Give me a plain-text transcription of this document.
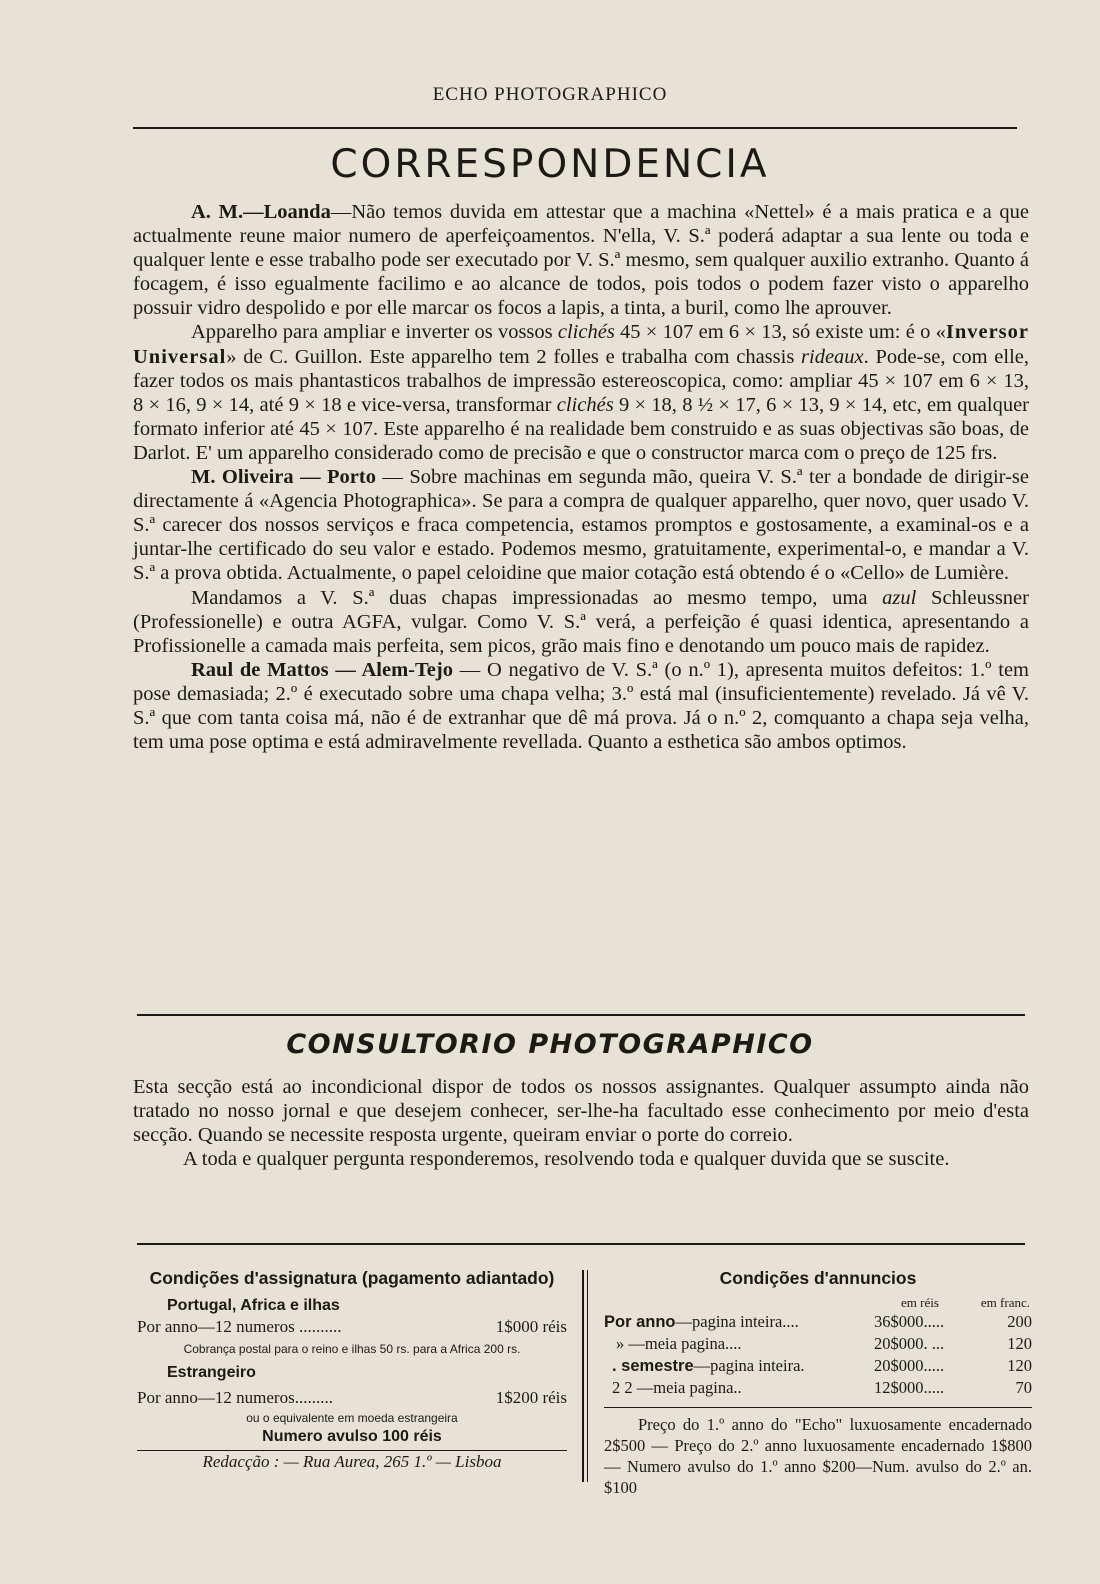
ECHO PHOTOGRAPHICO
CORRESPONDENCIA

A. M.—Loanda—Não temos duvida em attestar que a machina «Nettel» é a mais pratica e a que actualmente reune maior numero de aperfeiçoamentos. N'ella, V. S.ª poderá adaptar a sua lente ou toda e qualquer lente e esse trabalho pode ser executado por V. S.ª mesmo, sem qualquer auxilio extranho. Quanto á focagem, é isso egualmente facilimo e ao alcance de todos, pois todos o podem fazer visto o apparelho possuir vidro despolido e por elle marcar os focos a lapis, a tinta, a buril, como lhe aprouver.

Apparelho para ampliar e inverter os vossos clichés 45 × 107 em 6 × 13, só existe um: é o «Inversor Universal» de C. Guillon. Este apparelho tem 2 folles e trabalha com chassis rideaux. Pode-se, com elle, fazer todos os mais phantasticos trabalhos de impressão estereoscopica, como: ampliar 45 × 107 em 6 × 13, 8 × 16, 9 × 14, até 9 × 18 e vice-versa, transformar clichés 9 × 18, 8 ½ × 17, 6 × 13, 9 × 14, etc, em qualquer formato inferior até 45 × 107. Este apparelho é na realidade bem construido e as suas objectivas são boas, de Darlot. E' um apparelho considerado como de precisão e que o constructor marca com o preço de 125 frs.

M. Oliveira — Porto — Sobre machinas em segunda mão, queira V. S.ª ter a bondade de dirigir-se directamente á «Agencia Photographica». Se para a compra de qualquer apparelho, quer novo, quer usado V. S.ª carecer dos nossos serviços e fraca competencia, estamos promptos e gostosamente, a examinal-os e a juntar-lhe certificado do seu valor e estado. Podemos mesmo, gratuitamente, experimental-o, e mandar a V. S.ª a prova obtida. Actualmente, o papel celoidine que maior cotação está obtendo é o «Cello» de Lumière.

Mandamos a V. S.ª duas chapas impressionadas ao mesmo tempo, uma azul Schleussner (Professionelle) e outra AGFA, vulgar. Como V. S.ª verá, a perfeição é quasi identica, apresentando a Profissionelle a camada mais perfeita, sem picos, grão mais fino e denotando um pouco mais de rapidez.

Raul de Mattos — Alem-Tejo — O negativo de V. S.ª (o n.º 1), apresenta muitos defeitos: 1.º tem pose demasiada; 2.º é executado sobre uma chapa velha; 3.º está mal (insuficientemente) revelado. Já vê V. S.ª que com tanta coisa má, não é de extranhar que dê má prova. Já o n.º 2, comquanto a chapa seja velha, tem uma pose optima e está admiravelmente revellada. Quanto a esthetica são ambos optimos.

CONSULTORIO PHOTOGRAPHICO

Esta secção está ao incondicional dispor de todos os nossos assignantes. Qualquer assumpto ainda não tratado no nosso jornal e que desejem conhecer, ser-lhe-ha facultado esse conhecimento por meio d'esta secção. Quando se necessite resposta urgente, queiram enviar o porte do correio.

A toda e qualquer pergunta responderemos, resolvendo toda e qualquer duvida que se suscite.

Condições d'assignatura (pagamento adiantado)
Portugal, Africa e ilhas
Por anno—12 numeros ..........	1$000 réis
Cobrança postal para o reino e ilhas 50 rs. para a Africa 200 rs.
Estrangeiro
Por anno—12 numeros.........	1$200 réis
ou o equivalente em moeda estrangeira
Numero avulso 100 réis
Redacção : — Rua Aurea, 265 1.º — Lisboa
Condições d'annuncios
em réis	em franc.
Por anno—pagina inteira....	36$000.....	200
» —meia pagina....	20$000. ...	120
. semestre—pagina inteira.	20$000.....	120
2 2 —meia pagina..	12$000.....	70
Preço do 1.º anno do "Echo" luxuosamente encadernado 2$500 — Preço do 2.º anno luxuosamente encadernado 1$800 — Numero avulso do 1.º anno $200—Num. avulso do 2.º an. $100
